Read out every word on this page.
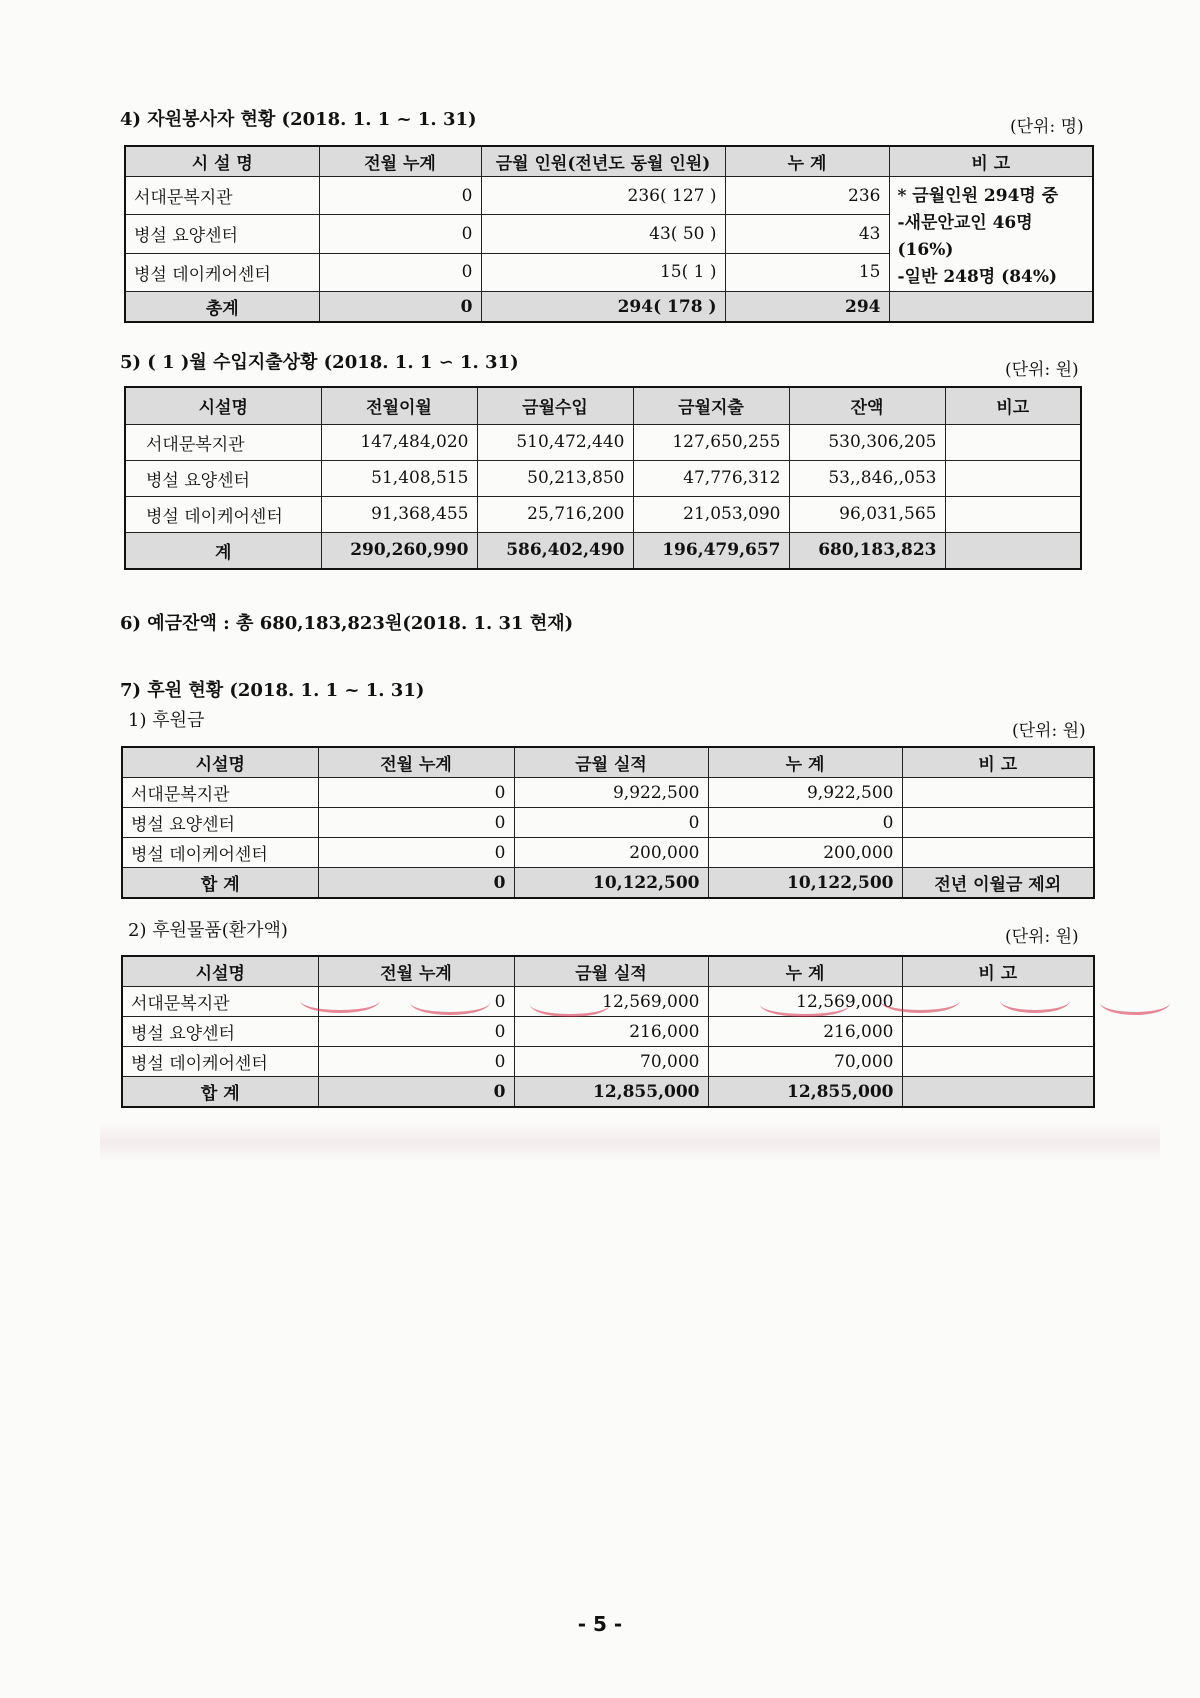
4) 자원봉사자 현황 (2018. 1. 1 ~ 1. 31)	(단위: 명)
시 설 명	전월 누계	금월 인원(전년도 동월 인원)	누 계	비 고
서대문복지관	0	236( 127 )	236	* 금월인원 294명 중
-새문안교인 46명 (16%)
-일반 248명 (84%)

병설 요양센터	0	43( 50 )	43	
병설 데이케어센터	0	15( 1 )	15	
총계	0	294( 178 )	294	
5) ( 1 )월 수입지출상황 (2018. 1. 1 ∽ 1. 31)	(단위: 원)
시설명	전월이월	금월수입	금월지출	잔액	비고
서대문복지관	147,484,020	510,472,440	127,650,255	530,306,205	
병설 요양센터	51,408,515	50,213,850	47,776,312	53,,846,,053	
병설 데이케어센터	91,368,455	25,716,200	21,053,090	96,031,565	
계	290,260,990	586,402,490	196,479,657	680,183,823	
6) 예금잔액 : 총 680,183,823원(2018. 1. 31 현재)
7) 후원 현황 (2018. 1. 1 ~ 1. 31)
1) 후원금	(단위: 원)
시설명	전월 누계	금월 실적	누 계	비 고
서대문복지관	0	9,922,500	9,922,500	
병설 요양센터	0	0	0	
병설 데이케어센터	0	200,000	200,000	
합 계	0	10,122,500	10,122,500	전년 이월금 제외
2) 후원물품(환가액)	(단위: 원)
시설명	전월 누계	금월 실적	누 계	비 고
서대문복지관	0	12,569,000	12,569,000	
병설 요양센터	0	216,000	216,000	
병설 데이케어센터	0	70,000	70,000	
합 계	0	12,855,000	12,855,000	
- 5 -
